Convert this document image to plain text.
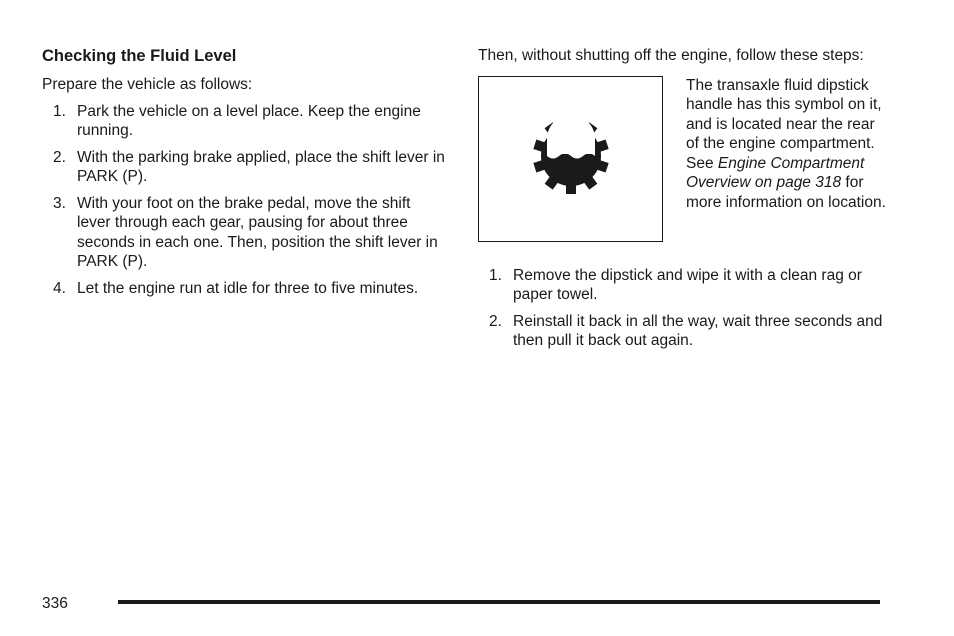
Checking the Fluid Level

Prepare the vehicle as follows:

1. Park the vehicle on a level place. Keep the engine running.
2. With the parking brake applied, place the shift lever in PARK (P).
3. With your foot on the brake pedal, move the shift lever through each gear, pausing for about three seconds in each one. Then, position the shift lever in PARK (P).
4. Let the engine run at idle for three to five minutes.

Then, without shutting off the engine, follow these steps:

The transaxle fluid dipstick handle has this symbol on it, and is located near the rear of the engine compartment. See Engine Compartment Overview on page 318 for more information on location.
1. Remove the dipstick and wipe it with a clean rag or paper towel.
2. Reinstall it back in all the way, wait three seconds and then pull it back out again.
336
